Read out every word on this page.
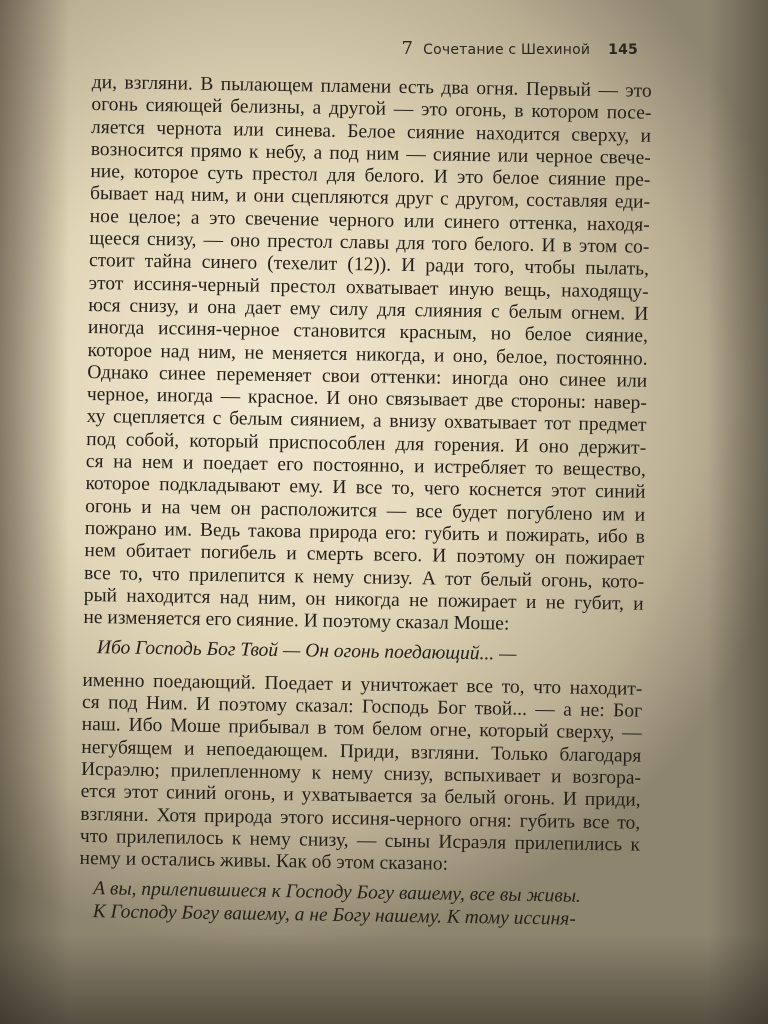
7 Сочетание с Шехиной 145
ди, взгляни. В пылающем пламени есть два огня. Первый — это
огонь сияющей белизны, а другой — это огонь, в котором посе-
ляется чернота или синева. Белое сияние находится сверху, и
возносится прямо к небу, а под ним — сияние или черное свече-
ние, которое суть престол для белого. И это белое сияние пре-
бывает над ним, и они сцепляются друг с другом, составляя еди-
ное целое; а это свечение черного или синего оттенка, находя-
щееся снизу, — оно престол славы для того белого. И в этом со-
стоит тайна синего (техелит (12)). И ради того, чтобы пылать,
этот иссиня-черный престол охватывает иную вещь, находящу-
юся снизу, и она дает ему силу для слияния с белым огнем. И
иногда иссиня-черное становится красным, но белое сияние,
которое над ним, не меняется никогда, и оно, белое, постоянно.
Однако синее переменяет свои оттенки: иногда оно синее или
черное, иногда — красное. И оно связывает две стороны: навер-
ху сцепляется с белым сиянием, а внизу охватывает тот предмет
под собой, который приспособлен для горения. И оно держит-
ся на нем и поедает его постоянно, и истребляет то вещество,
которое подкладывают ему. И все то, чего коснется этот синий
огонь и на чем он расположится — все будет погублено им и
пожрано им. Ведь такова природа его: губить и пожирать, ибо в
нем обитает погибель и смерть всего. И поэтому он пожирает
все то, что прилепится к нему снизу. А тот белый огонь, кото-
рый находится над ним, он никогда не пожирает и не губит, и
не изменяется его сияние. И поэтому сказал Моше:
Ибо Господь Бог Твой — Он огонь поедающий... —
именно поедающий. Поедает и уничтожает все то, что находит-
ся под Ним. И поэтому сказал: Господь Бог твой... — а не: Бог
наш. Ибо Моше прибывал в том белом огне, который сверху, —
негубящем и непоедающем. Приди, взгляни. Только благодаря
Исраэлю; прилепленному к нему снизу, вспыхивает и возгора-
ется этот синий огонь, и ухватывается за белый огонь. И приди,
взгляни. Хотя природа этого иссиня-черного огня: губить все то,
что прилепилось к нему снизу, — сыны Исраэля прилепились к
нему и остались живы. Как об этом сказано:
А вы, прилепившиеся к Господу Богу вашему, все вы живы.
К Господу Богу вашему, а не Богу нашему. К тому иссиня-
